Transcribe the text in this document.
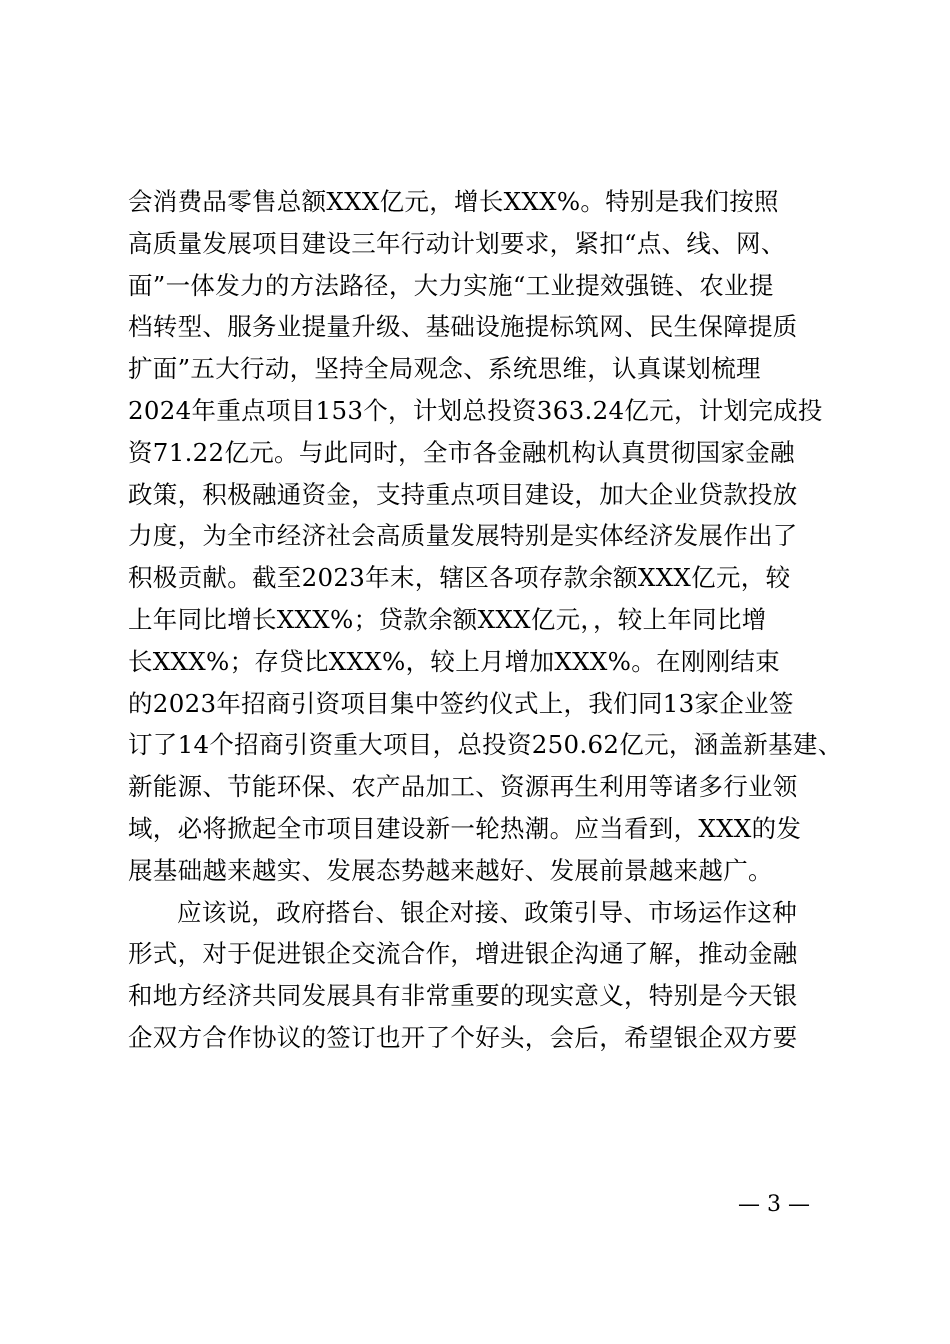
会消费品零售总额XXX亿元，增长XXX%。特别是我们按照
高质量发展项目建设三年行动计划要求，紧扣“点、线、网、
面”一体发力的方法路径，大力实施“工业提效强链、农业提
档转型、服务业提量升级、基础设施提标筑网、民生保障提质
扩面”五大行动，坚持全局观念、系统思维，认真谋划梳理
2024年重点项目153个，计划总投资363.24亿元，计划完成投
资71.22亿元。与此同时，全市各金融机构认真贯彻国家金融
政策，积极融通资金，支持重点项目建设，加大企业贷款投放
力度，为全市经济社会高质量发展特别是实体经济发展作出了
积极贡献。截至2023年末，辖区各项存款余额XXX亿元，较
上年同比增长XXX%；贷款余额XXX亿元，，较上年同比增
长XXX%；存贷比XXX%，较上月增加XXX%。在刚刚结束
的2023年招商引资项目集中签约仪式上，我们同13家企业签
订了14个招商引资重大项目，总投资250.62亿元，涵盖新基建、
新能源、节能环保、农产品加工、资源再生利用等诸多行业领
域，必将掀起全市项目建设新一轮热潮。应当看到，XXX的发
展基础越来越实、发展态势越来越好、发展前景越来越广。
应该说，政府搭台、银企对接、政策引导、市场运作这种
形式，对于促进银企交流合作，增进银企沟通了解，推动金融
和地方经济共同发展具有非常重要的现实意义，特别是今天银
企双方合作协议的签订也开了个好头，会后，希望银企双方要
— 3 —
